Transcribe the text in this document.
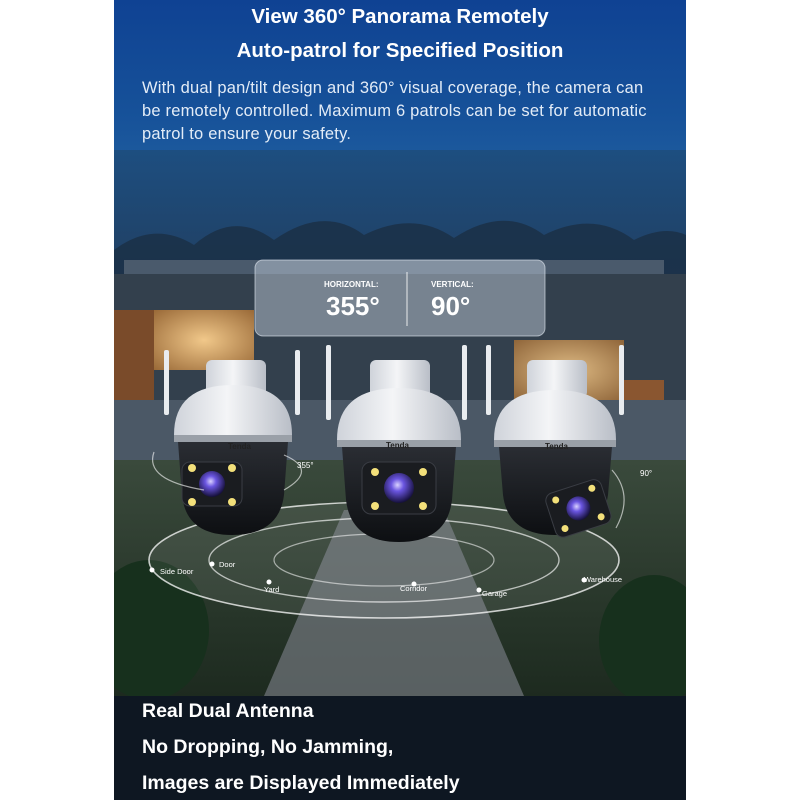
View 360° Panorama Remotely
Auto-patrol for Specified Position

With dual pan/tilt design and 360° visual coverage, the camera can be remotely controlled. Maximum 6 patrols can be set for automatic patrol to ensure your safety.

Side Door
Door
Yard	Corridor
Garage
Warehouse
HORIZONTAL:
355°
VERTICAL:
90°
Tenda
355°
Tenda	Tenda
90°

Real Dual Antenna

No Dropping, No Jamming,

Images are Displayed Immediately
